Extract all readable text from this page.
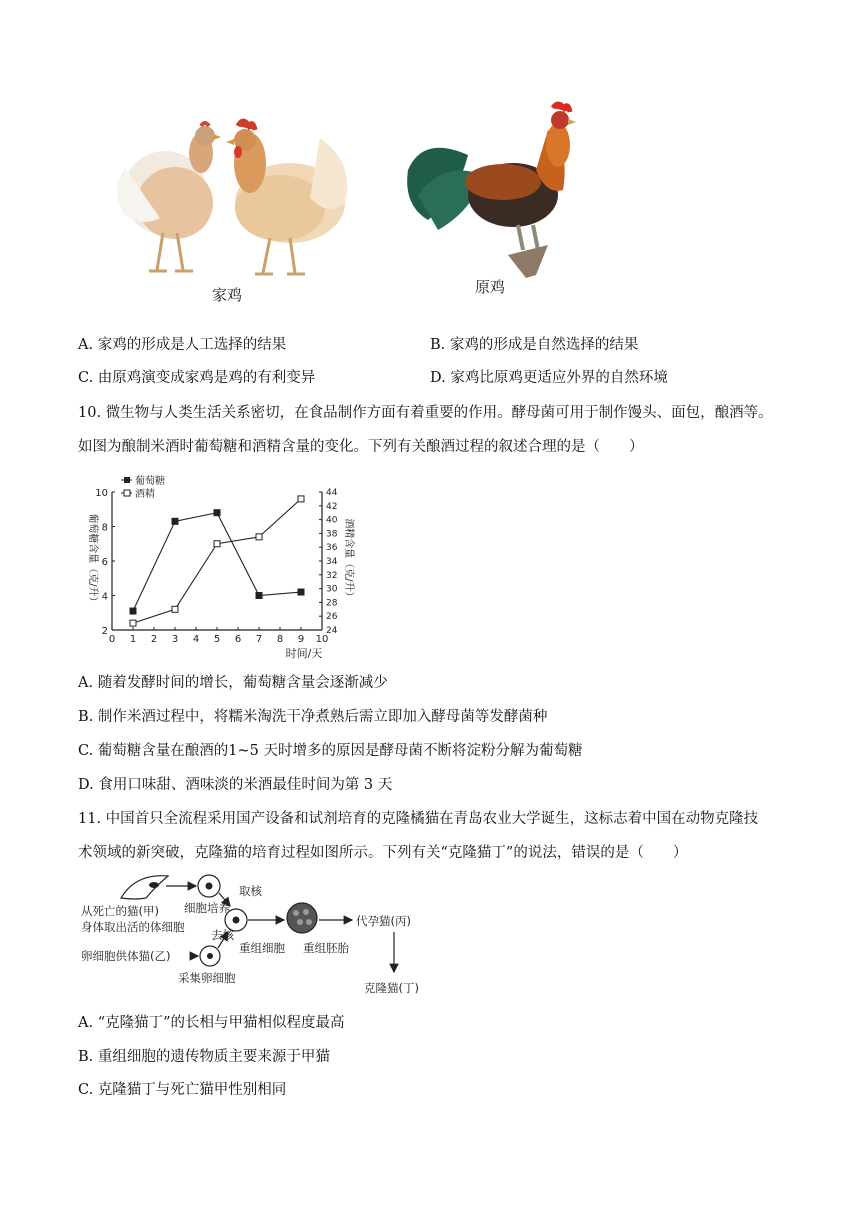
家鸡	原鸡
A. 家鸡的形成是人工选择的结果	B. 家鸡的形成是自然选择的结果
C. 由原鸡演变成家鸡是鸡的有利变异	D. 家鸡比原鸡更适应外界的自然环境
10. 微生物与人类生活关系密切，在食品制作方面有着重要的作用。酵母菌可用于制作馒头、面包，酿酒等。
如图为酿制米酒时葡萄糖和酒精含量的变化。下列有关酿酒过程的叙述合理的是（　　）
0 1 2 3 4 5 6 7 8 9 10
2
4
6
8
10
24
26
28
30
32
34
36
38
40
42
44
葡萄糖
酒精
葡萄糖含量（克/升）	酒精含量（克/升）
时间/天
A. 随着发酵时间的增长，葡萄糖含量会逐渐减少
B. 制作米酒过程中，将糯米淘洗干净煮熟后需立即加入酵母菌等发酵菌种
C. 葡萄糖含量在酿酒的1~5 天时增多的原因是酵母菌不断将淀粉分解为葡萄糖
D. 食用口味甜、酒味淡的米酒最佳时间为第 3 天
11. 中国首只全流程采用国产设备和试剂培育的克隆橘猫在青岛农业大学诞生，这标志着中国在动物克隆技
术领域的新突破，克隆猫的培育过程如图所示。下列有关“克隆猫丁”的说法，错误的是（　　）
从死亡的猫(甲)
身体取出活的体细胞
细胞培养
取核
去核
卵细胞供体猫(乙)
采集卵细胞
重组细胞 重组胚胎
代孕猫(丙)
克隆猫(丁)
A. “克隆猫丁”的长相与甲猫相似程度最高
B. 重组细胞的遗传物质主要来源于甲猫
C. 克隆猫丁与死亡猫甲性别相同
